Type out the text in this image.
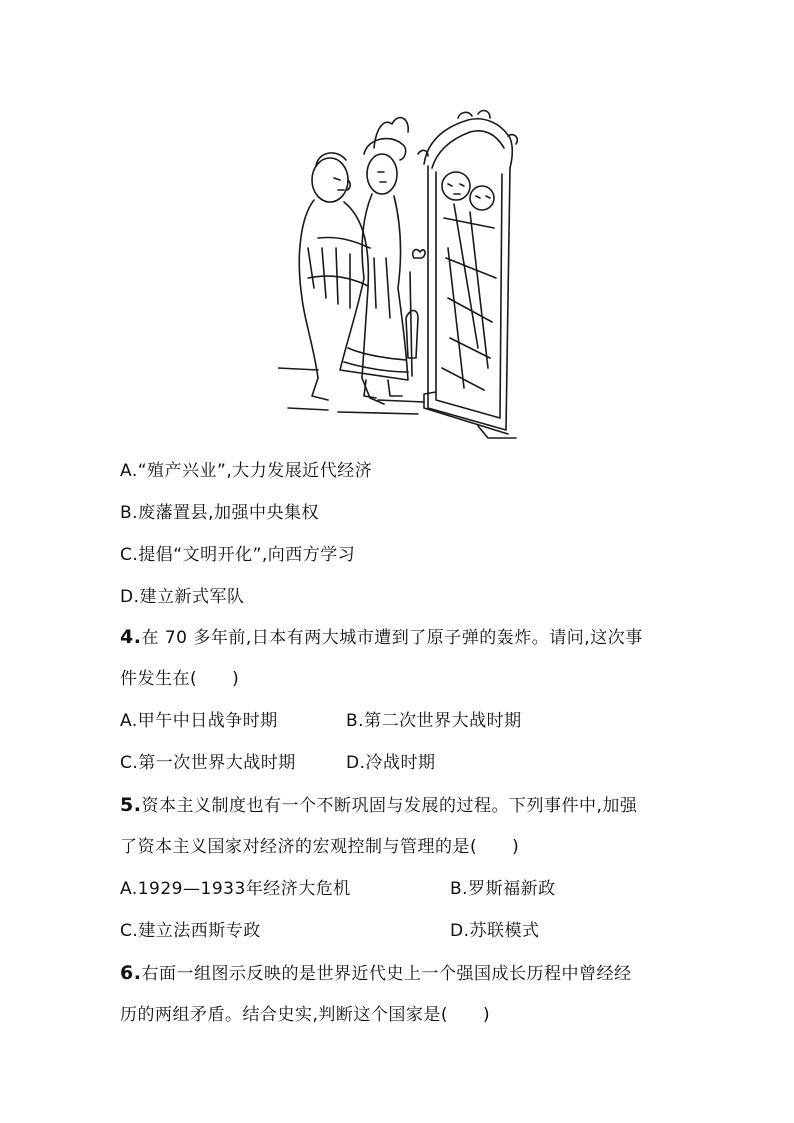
A.“殖产兴业”,大力发展近代经济
B.废藩置县,加强中央集权
C.提倡“文明开化”,向西方学习
D.建立新式军队
4.在 70 多年前,日本有两大城市遭到了原子弹的轰炸。请问,这次事
件发生在(　　)
A.甲午中日战争时期	B.第二次世界大战时期
C.第一次世界大战时期	D.冷战时期
5.资本主义制度也有一个不断巩固与发展的过程。下列事件中,加强
了资本主义国家对经济的宏观控制与管理的是(　　)
A.1929—1933年经济大危机	B.罗斯福新政
C.建立法西斯专政	D.苏联模式
6.右面一组图示反映的是世界近代史上一个强国成长历程中曾经经
历的两组矛盾。结合史实,判断这个国家是(　　)
